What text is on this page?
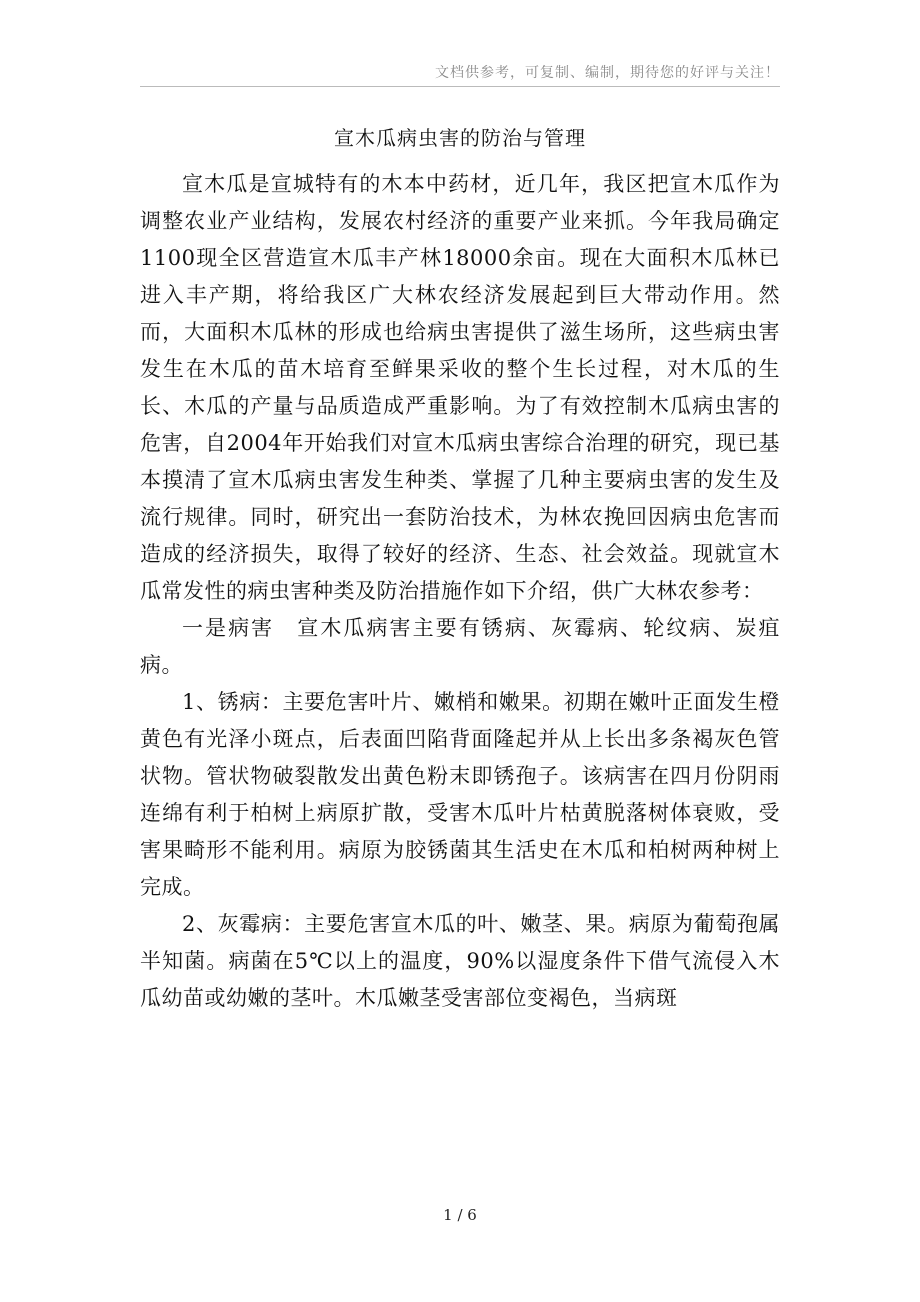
文档供参考，可复制、编制，期待您的好评与关注！
宣木瓜病虫害的防治与管理

宣木瓜是宣城特有的木本中药材，近几年，我区把宣木瓜作为调整农业产业结构，发展农村经济的重要产业来抓。今年我局确定1100现全区营造宣木瓜丰产林18000余亩。现在大面积木瓜林已进入丰产期，将给我区广大林农经济发展起到巨大带动作用。然而，大面积木瓜林的形成也给病虫害提供了滋生场所，这些病虫害发生在木瓜的苗木培育至鲜果采收的整个生长过程，对木瓜的生长、木瓜的产量与品质造成严重影响。为了有效控制木瓜病虫害的危害，自2004年开始我们对宣木瓜病虫害综合治理的研究，现已基本摸清了宣木瓜病虫害发生种类、掌握了几种主要病虫害的发生及流行规律。同时，研究出一套防治技术，为林农挽回因病虫危害而造成的经济损失，取得了较好的经济、生态、社会效益。现就宣木瓜常发性的病虫害种类及防治措施作如下介绍，供广大林农参考：

一是病害　宣木瓜病害主要有锈病、灰霉病、轮纹病、炭疽病。

1、锈病：主要危害叶片、嫩梢和嫩果。初期在嫩叶正面发生橙黄色有光泽小斑点，后表面凹陷背面隆起并从上长出多条褐灰色管状物。管状物破裂散发出黄色粉末即锈孢子。该病害在四月份阴雨连绵有利于柏树上病原扩散，受害木瓜叶片枯黄脱落树体衰败，受害果畸形不能利用。病原为胶锈菌其生活史在木瓜和柏树两种树上完成。

2、灰霉病：主要危害宣木瓜的叶、嫩茎、果。病原为葡萄孢属半知菌。病菌在5℃以上的温度，90%以湿度条件下借气流侵入木瓜幼苗或幼嫩的茎叶。木瓜嫩茎受害部位变褐色，当病斑

1 / 6
